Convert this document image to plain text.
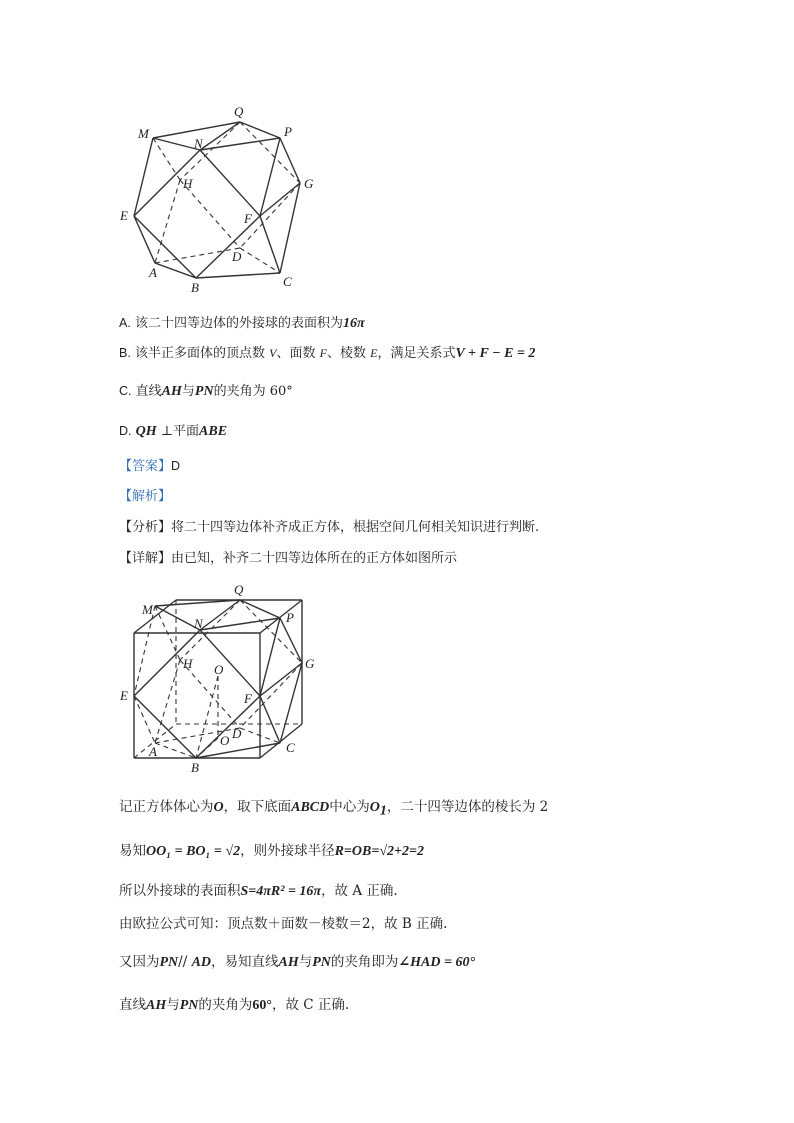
Q
M
N
P
H	G
E	F
D
A
B	C
A. 该二十四等边体的外接球的表面积为16π
B. 该半正多面体的顶点数 V、面数 F、棱数 E，满足关系式V + F − E = 2
C. 直线AH与PN的夹角为 60°
D. QH ⊥平面ABE
【答案】D
【解析】
【分析】将二十四等边体补齐成正方体，根据空间几何相关知识进行判断.
【详解】由已知，补齐二十四等边体所在的正方体如图所示
M
Q
N	P
H O	G
E	F
D
O
A
B
C
记正方体体心为O，取下底面ABCD中心为$O_1$，二十四等边体的棱长为 2
易知OO₁ = BO₁ = √2，则外接球半径R=OB=√2+2=2
所以外接球的表面积S=4πR² = 16π，故 A 正确.
由欧拉公式可知：顶点数＋面数－棱数＝2，故 B 正确.
又因为PN// AD，易知直线AH与PN的夹角即为∠HAD = 60°
直线AH与PN的夹角为60°，故 C 正确.
